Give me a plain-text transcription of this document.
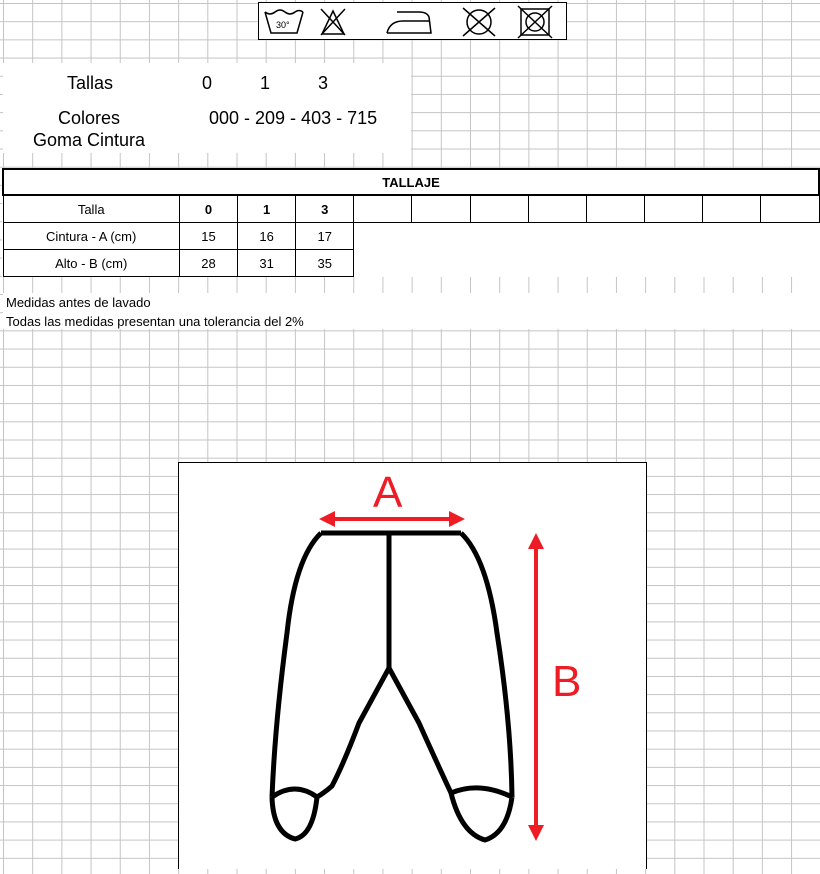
30°
Tallas	0	1	3
Colores	000 - 209 - 403 - 715
Goma Cintura
TALLAJE											
Talla	0	1	3								
Cintura - A (cm)	15	16	17								
Alto - B (cm)	28	31	35								
Medidas antes de lavado
Todas las medidas presentan una tolerancia del 2%
A
B
